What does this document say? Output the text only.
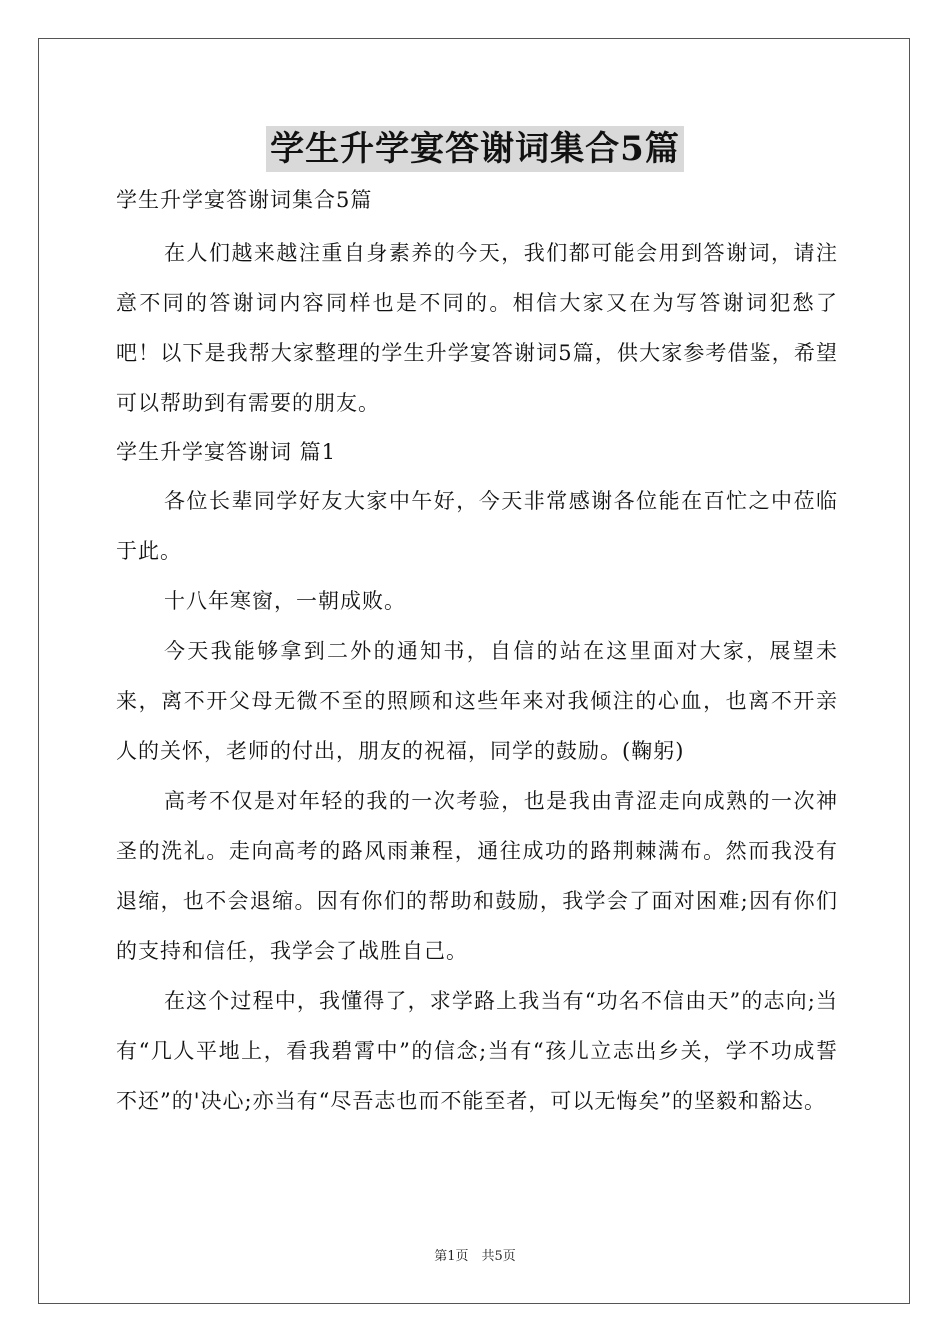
学生升学宴答谢词集合5篇

学生升学宴答谢词集合5篇

在人们越来越注重自身素养的今天，我们都可能会用到答谢词，请注意不同的答谢词内容同样也是不同的。相信大家又在为写答谢词犯愁了吧！以下是我帮大家整理的学生升学宴答谢词5篇，供大家参考借鉴，希望可以帮助到有需要的朋友。

学生升学宴答谢词 篇1

各位长辈同学好友大家中午好，今天非常感谢各位能在百忙之中莅临于此。

十八年寒窗，一朝成败。

今天我能够拿到二外的通知书，自信的站在这里面对大家，展望未来，离不开父母无微不至的照顾和这些年来对我倾注的心血，也离不开亲人的关怀，老师的付出，朋友的祝福，同学的鼓励。(鞠躬)

高考不仅是对年轻的我的一次考验，也是我由青涩走向成熟的一次神圣的洗礼。走向高考的路风雨兼程，通往成功的路荆棘满布。然而我没有退缩，也不会退缩。因有你们的帮助和鼓励，我学会了面对困难;因有你们的支持和信任，我学会了战胜自己。

在这个过程中，我懂得了，求学路上我当有“功名不信由天”的志向;当有“几人平地上，看我碧霄中”的信念;当有“孩儿立志出乡关，学不功成誓不还”的'决心;亦当有“尽吾志也而不能至者，可以无悔矣”的坚毅和豁达。

第1页　共5页
